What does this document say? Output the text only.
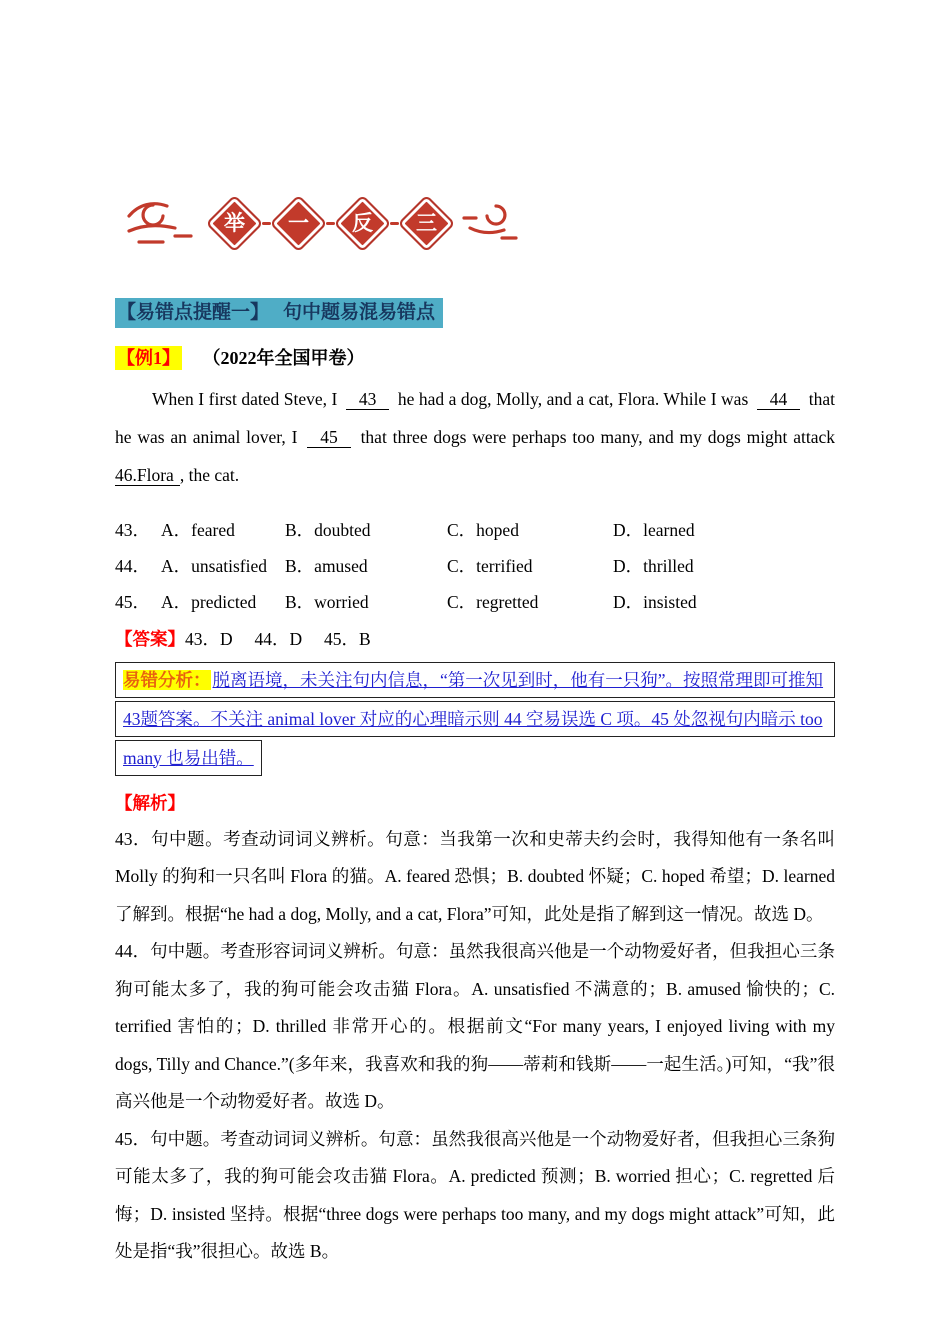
举 一 反 三
【易错点提醒一】 句中题易混易错点
【例1】 （2022年全国甲卷）

When I first dated Steve, I 43 he had a dog, Molly, and a cat, Flora. While I was 44 that he was an animal lover, I 45 that three dogs were perhaps too many, and my dogs might attack 46.Flora , the cat.

43． A．feared	B．doubted	C．hoped	D．learned
44． A．unsatisfied B．amused	C．terrified	D．thrilled
45． A．predicted B．worried	C．regretted	D．insisted
【答案】43．D　 44．D　 45．B
易错分析： 脱离语境，未关注句内信息，“第一次见到时，他有一只狗”。按照常理即可推知
43题答案。不关注 animal lover 对应的心理暗示则 44 空易误选 C 项。45 处忽视句内暗示 too
many 也易出错。
【解析】

43．句中题。考查动词词义辨析。句意：当我第一次和史蒂夫约会时，我得知他有一条名叫 Molly 的狗和一只名叫 Flora 的猫。A. feared 恐惧；B. doubted 怀疑；C. hoped 希望；D. learned 了解到。根据“he had a dog, Molly, and a cat, Flora”可知，此处是指了解到这一情况。故选 D。

44．句中题。考查形容词词义辨析。句意：虽然我很高兴他是一个动物爱好者，但我担心三条狗可能太多了，我的狗可能会攻击猫 Flora。A. unsatisfied 不满意的；B. amused 愉快的；C. terrified 害怕的；D. thrilled 非常开心的。根据前文“For many years, I enjoyed living with my dogs, Tilly and Chance.”(多年来，我喜欢和我的狗——蒂莉和钱斯——一起生活。)可知，“我”很高兴他是一个动物爱好者。故选 D。

45．句中题。考查动词词义辨析。句意：虽然我很高兴他是一个动物爱好者，但我担心三条狗可能太多了，我的狗可能会攻击猫 Flora。A. predicted 预测；B. worried 担心；C. regretted 后悔；D. insisted 坚持。根据“three dogs were perhaps too many, and my dogs might attack”可知，此处是指“我”很担心。故选 B。
